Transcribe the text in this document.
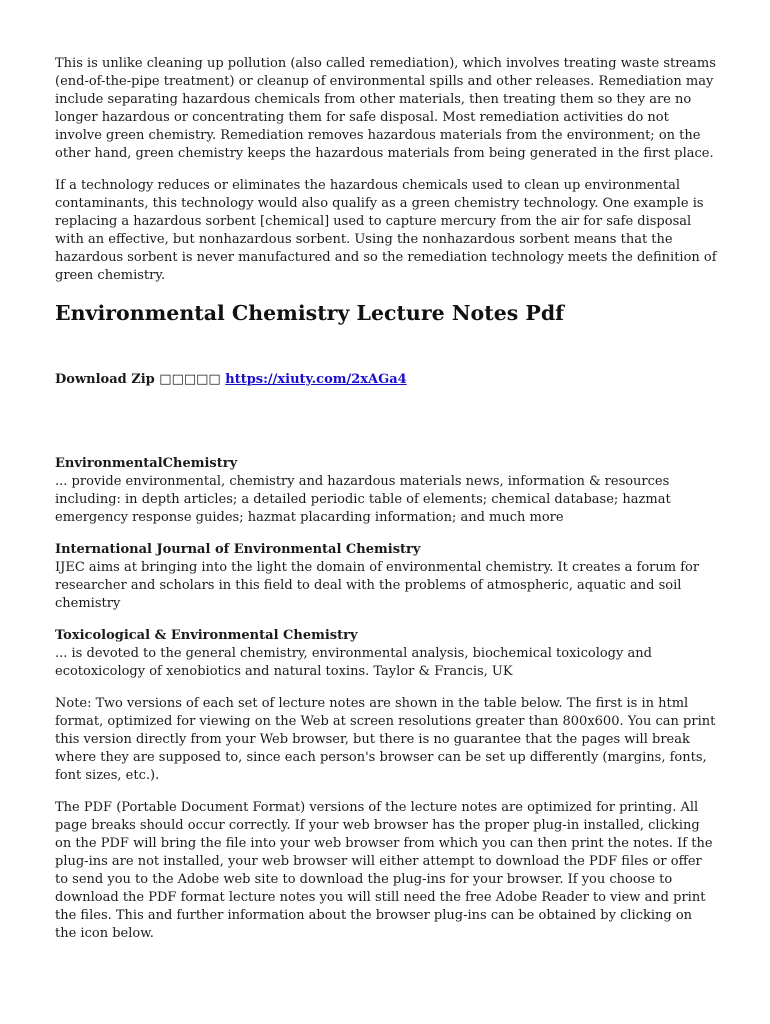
This is unlike cleaning up pollution (also called remediation), which involves treating waste streams (end-of-the-pipe treatment) or cleanup of environmental spills and other releases. Remediation may include separating hazardous chemicals from other materials, then treating them so they are no longer hazardous or concentrating them for safe disposal. Most remediation activities do not involve green chemistry. Remediation removes hazardous materials from the environment; on the other hand, green chemistry keeps the hazardous materials from being generated in the first place.

If a technology reduces or eliminates the hazardous chemicals used to clean up environmental contaminants, this technology would also qualify as a green chemistry technology. One example is replacing a hazardous sorbent [chemical] used to capture mercury from the air for safe disposal with an effective, but nonhazardous sorbent. Using the nonhazardous sorbent means that the hazardous sorbent is never manufactured and so the remediation technology meets the definition of green chemistry.

Environmental Chemistry Lecture Notes Pdf
Download Zip □□□□□ https://xiuty.com/2xAGa4

EnvironmentalChemistry

... provide environmental, chemistry and hazardous materials news, information & resources including: in depth articles; a detailed periodic table of elements; chemical database; hazmat emergency response guides; hazmat placarding information; and much more

International Journal of Environmental Chemistry

IJEC aims at bringing into the light the domain of environmental chemistry. It creates a forum for researcher and scholars in this field to deal with the problems of atmospheric, aquatic and soil chemistry

Toxicological & Environmental Chemistry

... is devoted to the general chemistry, environmental analysis, biochemical toxicology and ecotoxicology of xenobiotics and natural toxins. Taylor & Francis, UK

Note: Two versions of each set of lecture notes are shown in the table below. The first is in html format, optimized for viewing on the Web at screen resolutions greater than 800x600. You can print this version directly from your Web browser, but there is no guarantee that the pages will break where they are supposed to, since each person's browser can be set up differently (margins, fonts, font sizes, etc.).

The PDF (Portable Document Format) versions of the lecture notes are optimized for printing. All page breaks should occur correctly. If your web browser has the proper plug-in installed, clicking on the PDF will bring the file into your web browser from which you can then print the notes. If the plug-ins are not installed, your web browser will either attempt to download the PDF files or offer to send you to the Adobe web site to download the plug-ins for your browser. If you choose to download the PDF format lecture notes you will still need the free Adobe Reader to view and print the files. This and further information about the browser plug-ins can be obtained by clicking on the icon below.
